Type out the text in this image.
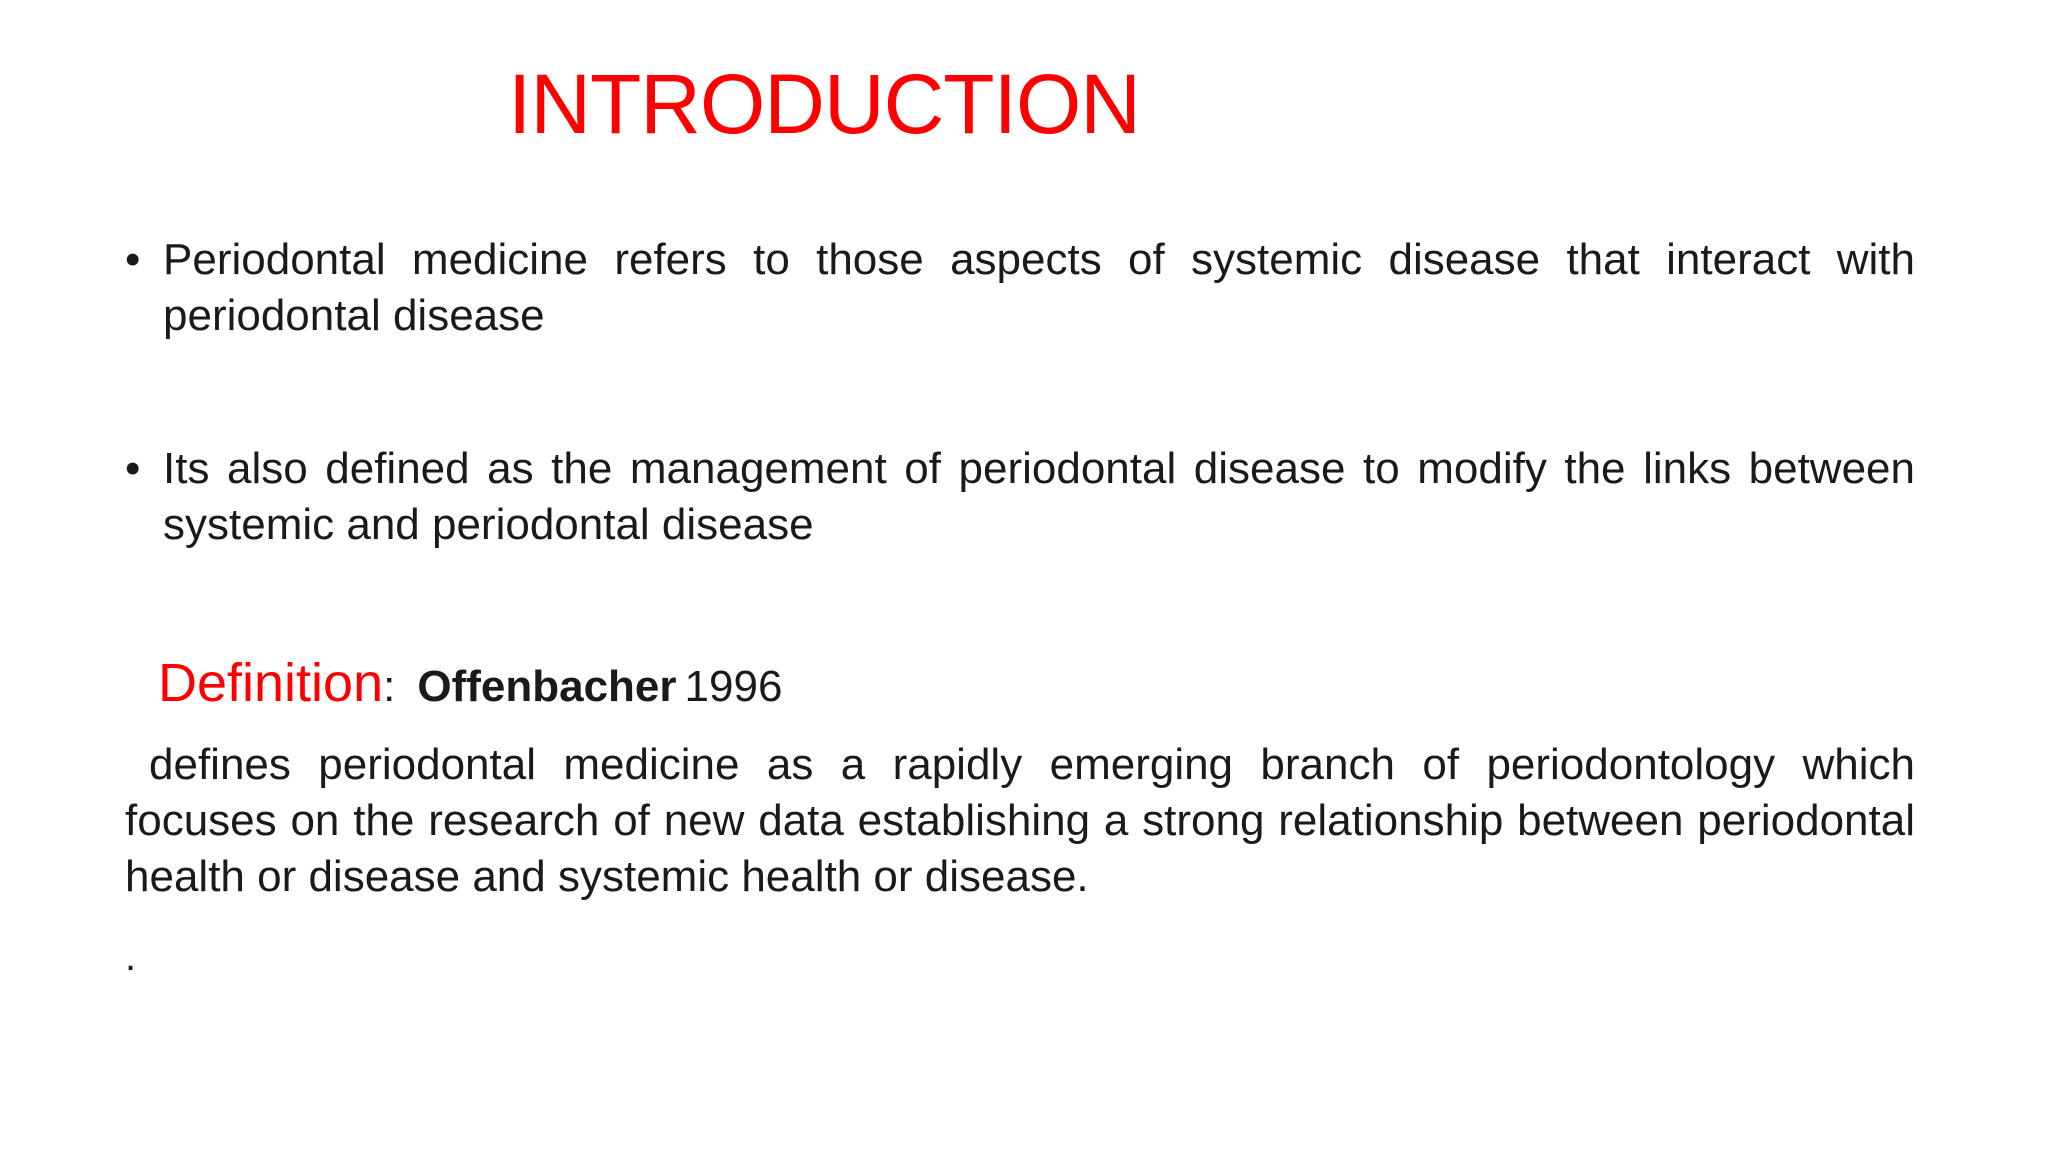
INTRODUCTION
• Periodontal medicine refers to those aspects of systemic disease that interact with periodontal disease
• Its also defined as the management of periodontal disease to modify the links between systemic and periodontal disease
Definition: Offenbacher 1996
defines periodontal medicine as a rapidly emerging branch of periodontology which focuses on the research of new data establishing a strong relationship between periodontal health or disease and systemic health or disease.
.
